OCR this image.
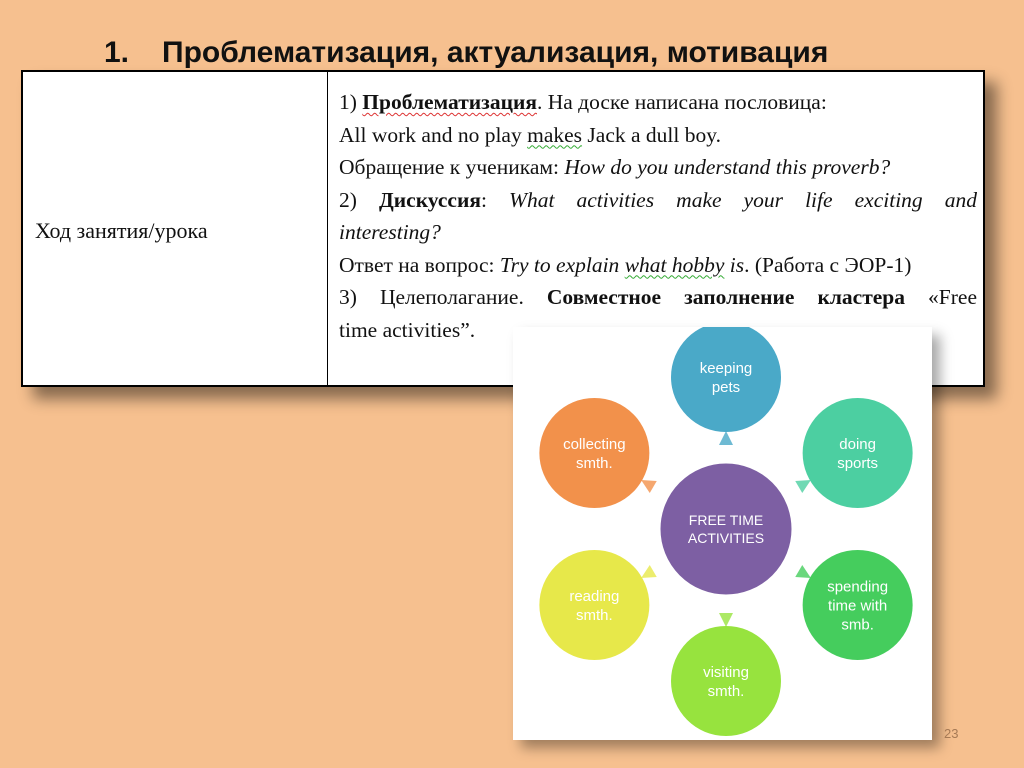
1. Проблематизация, актуализация, мотивация
Ход занятия/урока

1) Проблематизация. На доске написана пословица:

All work and no play makes Jack a dull boy.

Обращение к ученикам: How do you understand this proverb?

2) Дискуссия: What activities make your life exciting and

interesting?

Ответ на вопрос: Try to explain what hobby is. (Работа с ЭОР-1)

3) Целеполагание. Совместное заполнение кластера «Free

time activities”.

keeping
pets
doing
sports
spending
time with
smb.
visiting
smth.
reading
smth.
collecting
smth.
FREE TIME
ACTIVITIES
23
